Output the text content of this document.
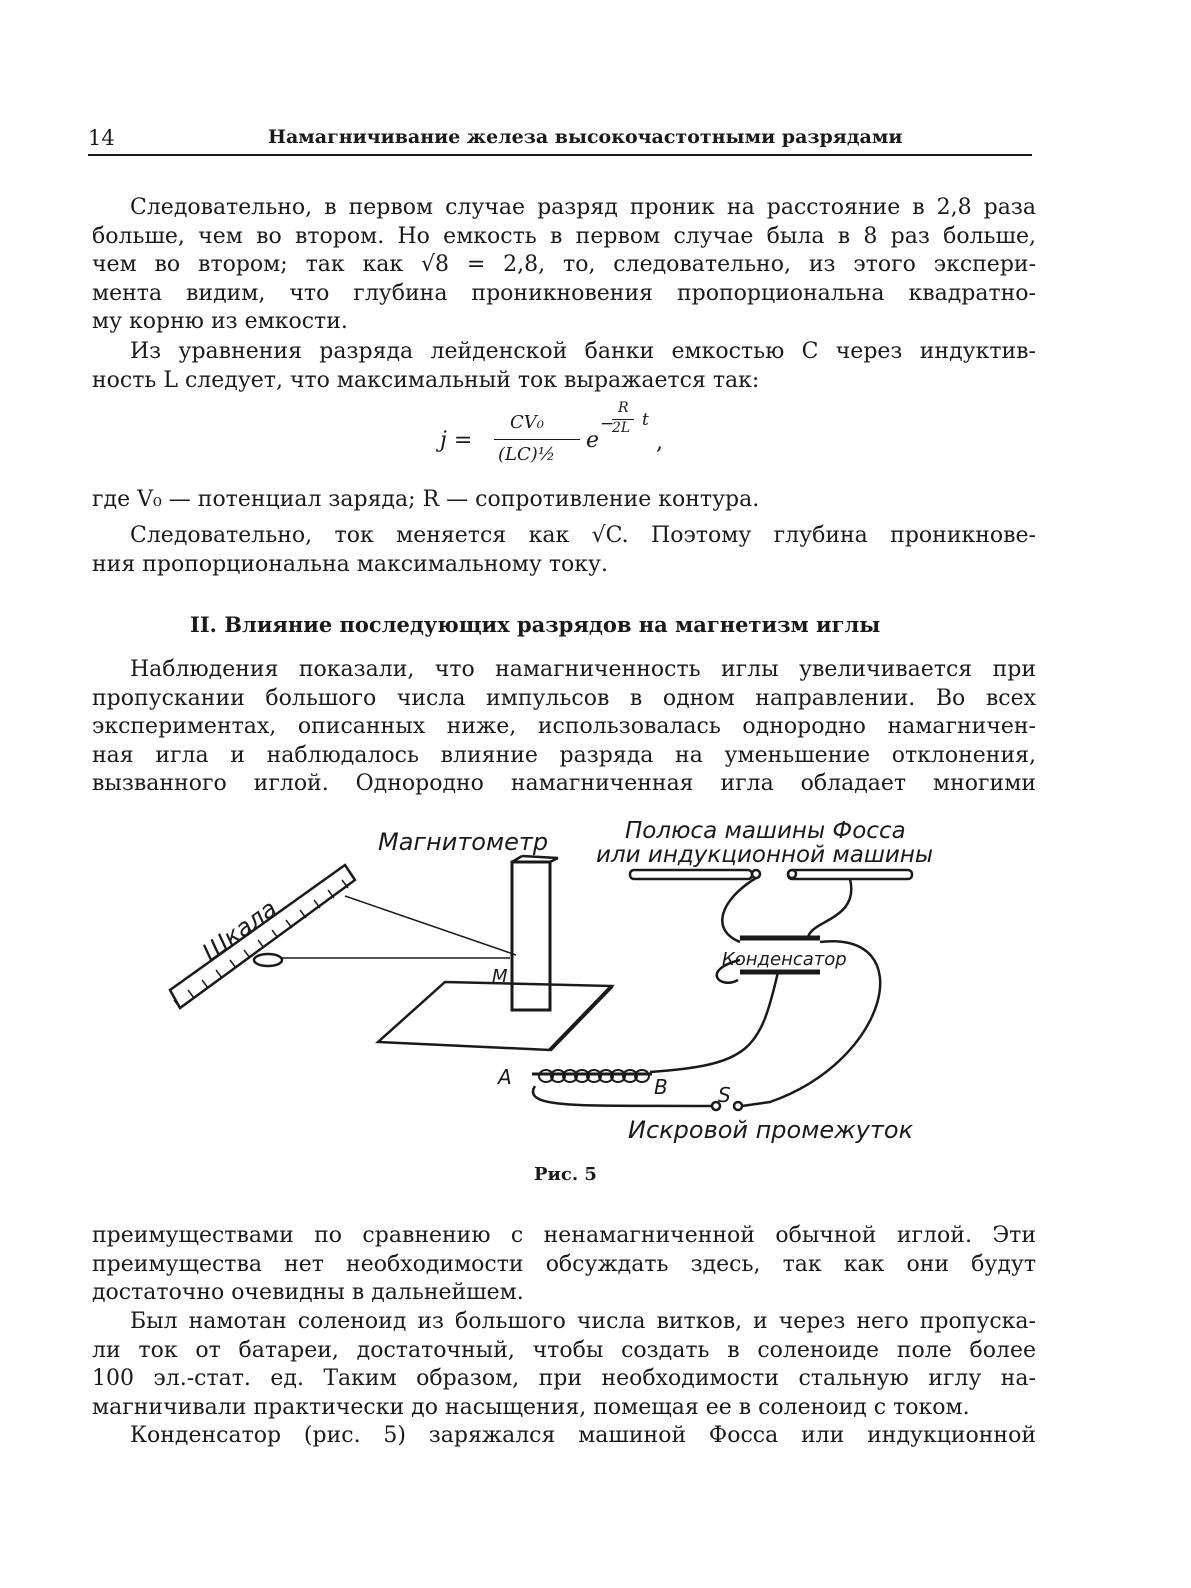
14	Намагничивание железа высокочастотными разрядами
Следовательно, в первом случае разряд проник на расстояние в 2,8 раза
больше, чем во втором. Но емкость в первом случае была в 8 раз больше,
чем во втором; так как √8 = 2,8, то, следовательно, из этого экспери-
мента видим, что глубина проникновения пропорциональна квадратно-
му корню из емкости.
Из уравнения разряда лейденской банки емкостью C через индуктив-
ность L следует, что максимальный ток выражается так:
j =
CV₀
(LC)½
e
−
R
2L t
,
где V₀ — потенциал заряда; R — сопротивление контура.
Следовательно, ток меняется как √C. Поэтому глубина проникнове-
ния пропорциональна максимальному току.
II. Влияние последующих разрядов на магнетизм иглы
Наблюдения показали, что намагниченность иглы увеличивается при
пропускании большого числа импульсов в одном направлении. Во всех
экспериментах, описанных ниже, использовалась однородно намагничен-
ная игла и наблюдалось влияние разряда на уменьшение отклонения,
вызванного иглой. Однородно намагниченная игла обладает многими
Магнитометр
Шкала
Полюса машины Фосса
или индукционной машины
Конденсатор
M
A	B	S
Искровой промежуток
Рис. 5
преимуществами по сравнению с ненамагниченной обычной иглой. Эти
преимущества нет необходимости обсуждать здесь, так как они будут
достаточно очевидны в дальнейшем.
Был намотан соленоид из большого числа витков, и через него пропуска-
ли ток от батареи, достаточный, чтобы создать в соленоиде поле более
100 эл.-стат. ед. Таким образом, при необходимости стальную иглу на-
магничивали практически до насыщения, помещая ее в соленоид с током.
Конденсатор (рис. 5) заряжался машиной Фосса или индукционной
